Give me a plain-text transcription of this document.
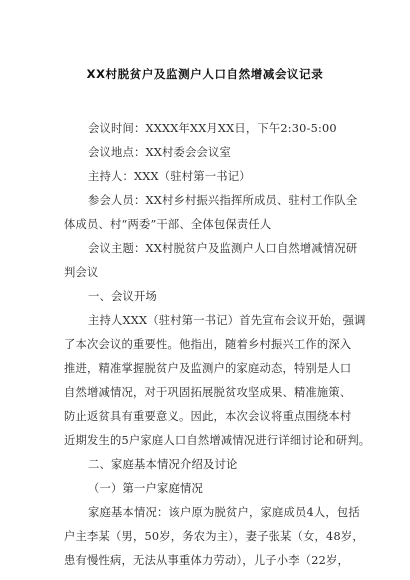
XX村脱贫户及监测户人口自然增减会议记录
会议时间：XXXX年XX月XX日，下午2:30-5:00
会议地点：XX村委会会议室
主持人：XXX（驻村第一书记）
参会人员：XX村乡村振兴指挥所成员、驻村工作队全
体成员、村“两委”干部、全体包保责任人
会议主题：XX村脱贫户及监测户人口自然增减情况研
判会议
一、会议开场
主持人XXX（驻村第一书记）首先宣布会议开始，强调
了本次会议的重要性。他指出，随着乡村振兴工作的深入
推进，精准掌握脱贫户及监测户的家庭动态，特别是人口
自然增减情况，对于巩固拓展脱贫攻坚成果、精准施策、
防止返贫具有重要意义。因此，本次会议将重点围绕本村
近期发生的5户家庭人口自然增减情况进行详细讨论和研判。
二、家庭基本情况介绍及讨论
（一）第一户家庭情况
家庭基本情况：该户原为脱贫户，家庭成员4人，包括
户主李某（男，50岁，务农为主），妻子张某（女，48岁，
患有慢性病，无法从事重体力劳动），儿子小李（22岁，
